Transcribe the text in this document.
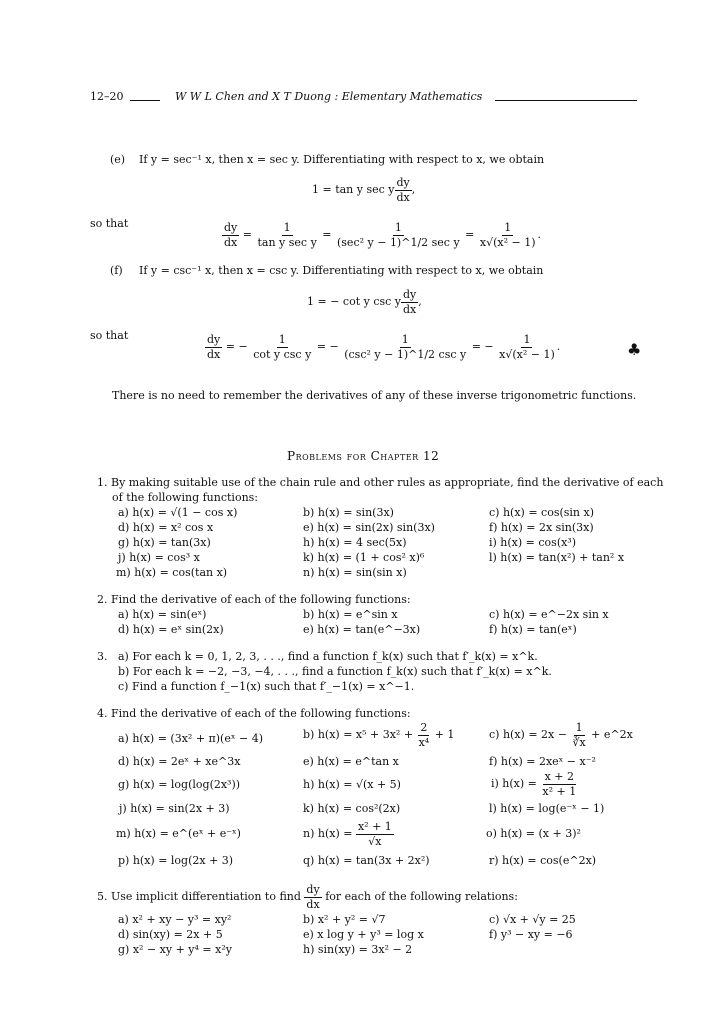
12–20	W W L Chen and X T Duong : Elementary Mathematics
(e) If y = sec⁻¹ x, then x = sec y. Differentiating with respect to x, we obtain
1 = tan y sec y $\frac{dy}{dx}$ ,
so that	$\frac{dy}{dx} = \frac{1}{\text{tan y sec y}} = \frac{1}{\text{(sec² y − 1)\textasciicircum{}1/2 sec y}} = \frac{1}{\text{x√(x² − 1)}}$ .
(f) If y = csc⁻¹ x, then x = csc y. Differentiating with respect to x, we obtain
1 = − cot y csc y $\frac{dy}{dx}$ ,
so that	$\frac{dy}{dx}$ = − $\frac{1}{\text{cot y csc y}}$ = − $\frac{1}{\text{(csc² y − 1)\textasciicircum{}1/2 csc y}}$ = − $\frac{1}{\text{x√(x² − 1)}}$ .	♣
There is no need to remember the derivatives of any of these inverse trigonometric functions.
Problems for Chapter 12
1. By making suitable use of the chain rule and other rules as appropriate, find the derivative of each
of the following functions:
a) h(x) = √(1 − cos x)	b) h(x) = sin(3x)	c) h(x) = cos(sin x)
d) h(x) = x² cos x	e) h(x) = sin(2x) sin(3x)	f) h(x) = 2x sin(3x)
g) h(x) = tan(3x)	h) h(x) = 4 sec(5x)	i) h(x) = cos(x³)
j) h(x) = cos³ x	k) h(x) = (1 + cos² x)⁶	l) h(x) = tan(x²) + tan² x
m) h(x) = cos(tan x)	n) h(x) = sin(sin x)
2. Find the derivative of each of the following functions:
a) h(x) = sin(eˣ)	b) h(x) = e^sin x	c) h(x) = e^−2x sin x
d) h(x) = eˣ sin(2x)	e) h(x) = tan(e^−3x)	f) h(x) = tan(eˣ)
3. a) For each k = 0, 1, 2, 3, . . ., find a function f_k(x) such that f′_k(x) = x^k.
b) For each k = −2, −3, −4, . . ., find a function f_k(x) such that f′_k(x) = x^k.
c) Find a function f_−1(x) such that f′_−1(x) = x^−1.
4. Find the derivative of each of the following functions:
a) h(x) = (3x² + π)(eˣ − 4)	b) $h(x) = x^5 + 3x^2 + \frac{2}{\text{x⁴}} + 1$	c) $h(x) = 2x - \frac{1}{∛x}$ + e^2x
d) h(x) = 2eˣ + xe^3x	e) h(x) = e^tan x	f) h(x) = 2xeˣ − x⁻²
g) h(x) = log(log(2x³))	h) h(x) = √(x + 5)	i) $h(x) = \frac{x + 2}{\text{x² + 1}}$
j) h(x) = sin(2x + 3)	k) h(x) = cos²(2x)	l) h(x) = log(e⁻ˣ − 1)
m) h(x) = e^(eˣ + e⁻ˣ)	n) $h(x) = \frac{\text{x² + 1}}{√x}$	o) h(x) = (x + 3)²
p) h(x) = log(2x + 3)	q) h(x) = tan(3x + 2x²)	r) h(x) = cos(e^2x)
5. Use implicit differentiation to find $\frac{dy}{dx}$ for each of the following relations:
a) x² + xy − y³ = xy²	b) x² + y² = √7	c) √x + √y = 25
d) sin(xy) = 2x + 5	e) x log y + y³ = log x	f) y³ − xy = −6
g) x² − xy + y⁴ = x²y	h) sin(xy) = 3x² − 2
